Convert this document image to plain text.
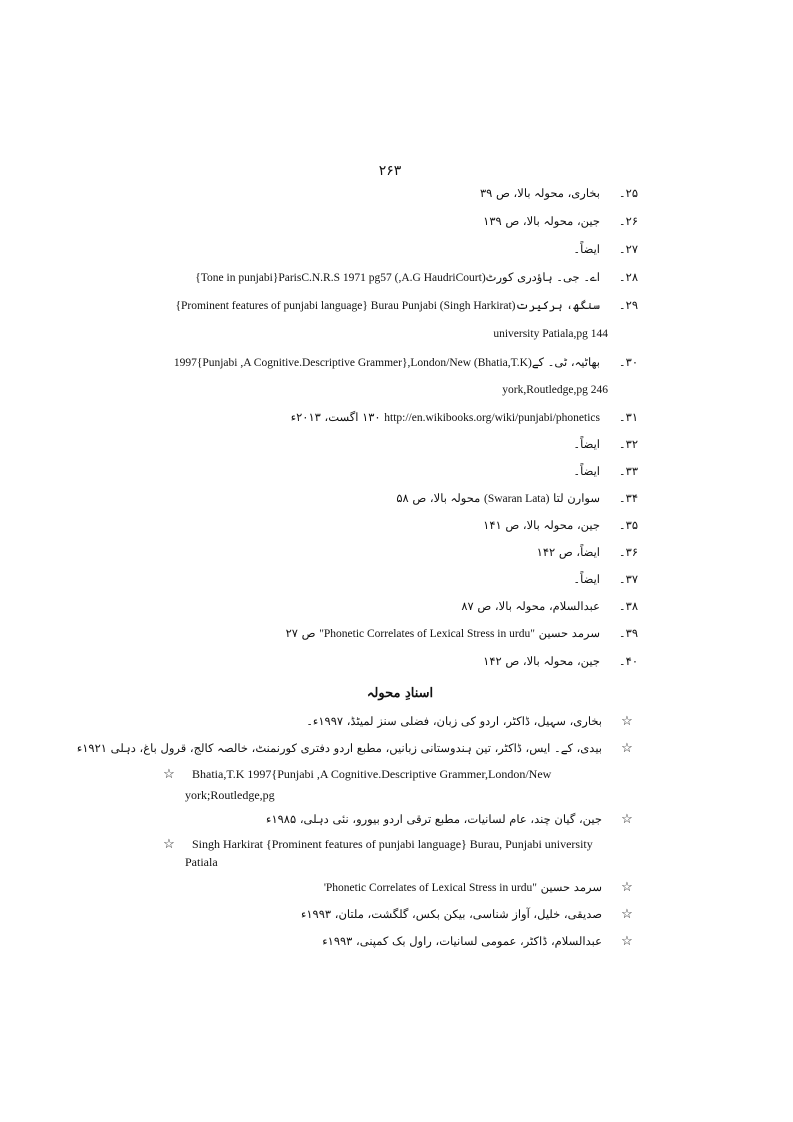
۲۶۳
۲۵۔بخاری، محولہ بالا، ص ۳۹
۲۶۔جین، محولہ بالا، ص ۱۳۹
۲۷۔ایضاً۔
۲۸۔اے۔ جی۔ ہاؤدری کورٹ{Tone in punjabi}ParisC.N.R.S 1971 pg57 (,A.G HaudriCourt)
۲۹۔سنگھ، ہرکیرت{Prominent features of punjabi language} Burau Punjabi (Singh Harkirat)
university Patiala,pg 144
۳۰۔بھاٹیہ، ٹی۔ کے1997{Punjabi ,A Cognitive.Descriptive Grammer},London/New (Bhatia,T.K)
york,Routledge,pg 246
۳۱۔http://en.wikibooks.org/wiki/punjabi/phonetics ۱۳۰ اگست، ۲۰۱۳ء
۳۲۔ایضاً۔
۳۳۔ایضاً۔
۳۴۔سوارن لتا (Swaran Lata) محولہ بالا، ص ۵۸
۳۵۔جین، محولہ بالا، ص ۱۴۱
۳۶۔ایضاً، ص ۱۴۲
۳۷۔ایضاً۔
۳۸۔عبدالسلام، محولہ بالا، ص ۸۷
۳۹۔سرمد حسین "Phonetic Correlates of Lexical Stress in urdu" ص ۲۷
۴۰۔جین، محولہ بالا، ص ۱۴۲
اسنادِ محولہ
☆بخاری، سہیل، ڈاکٹر، اردو کی زبان، فضلی سنز لمیٹڈ، ۱۹۹۷ء۔
☆بیدی، کے۔ ایس، ڈاکٹر، تین ہندوستانی زبانیں، مطبع اردو دفتری کورنمنٹ، خالصہ کالج، قرول باغ، دہلی ۱۹۲۱ء
☆ Bhatia,T.K 1997{Punjabi ,A Cognitive.Descriptive Grammer,London/New
york;Routledge,pg
☆جین، گیان چند، عام لسانیات، مطبع ترقی اردو بیورو، نئی دہلی، ۱۹۸۵ء
☆ Singh Harkirat {Prominent features of punjabi language} Burau, Punjabi university
Patiala
☆سرمد حسین 'Phonetic Correlates of Lexical Stress in urdu"
☆صدیقی، خلیل، آواز شناسی، بیکن بکس، گلگشت، ملتان، ۱۹۹۳ء
☆عبدالسلام، ڈاکٹر، عمومی لسانیات، راول بک کمپنی، ۱۹۹۳ء
